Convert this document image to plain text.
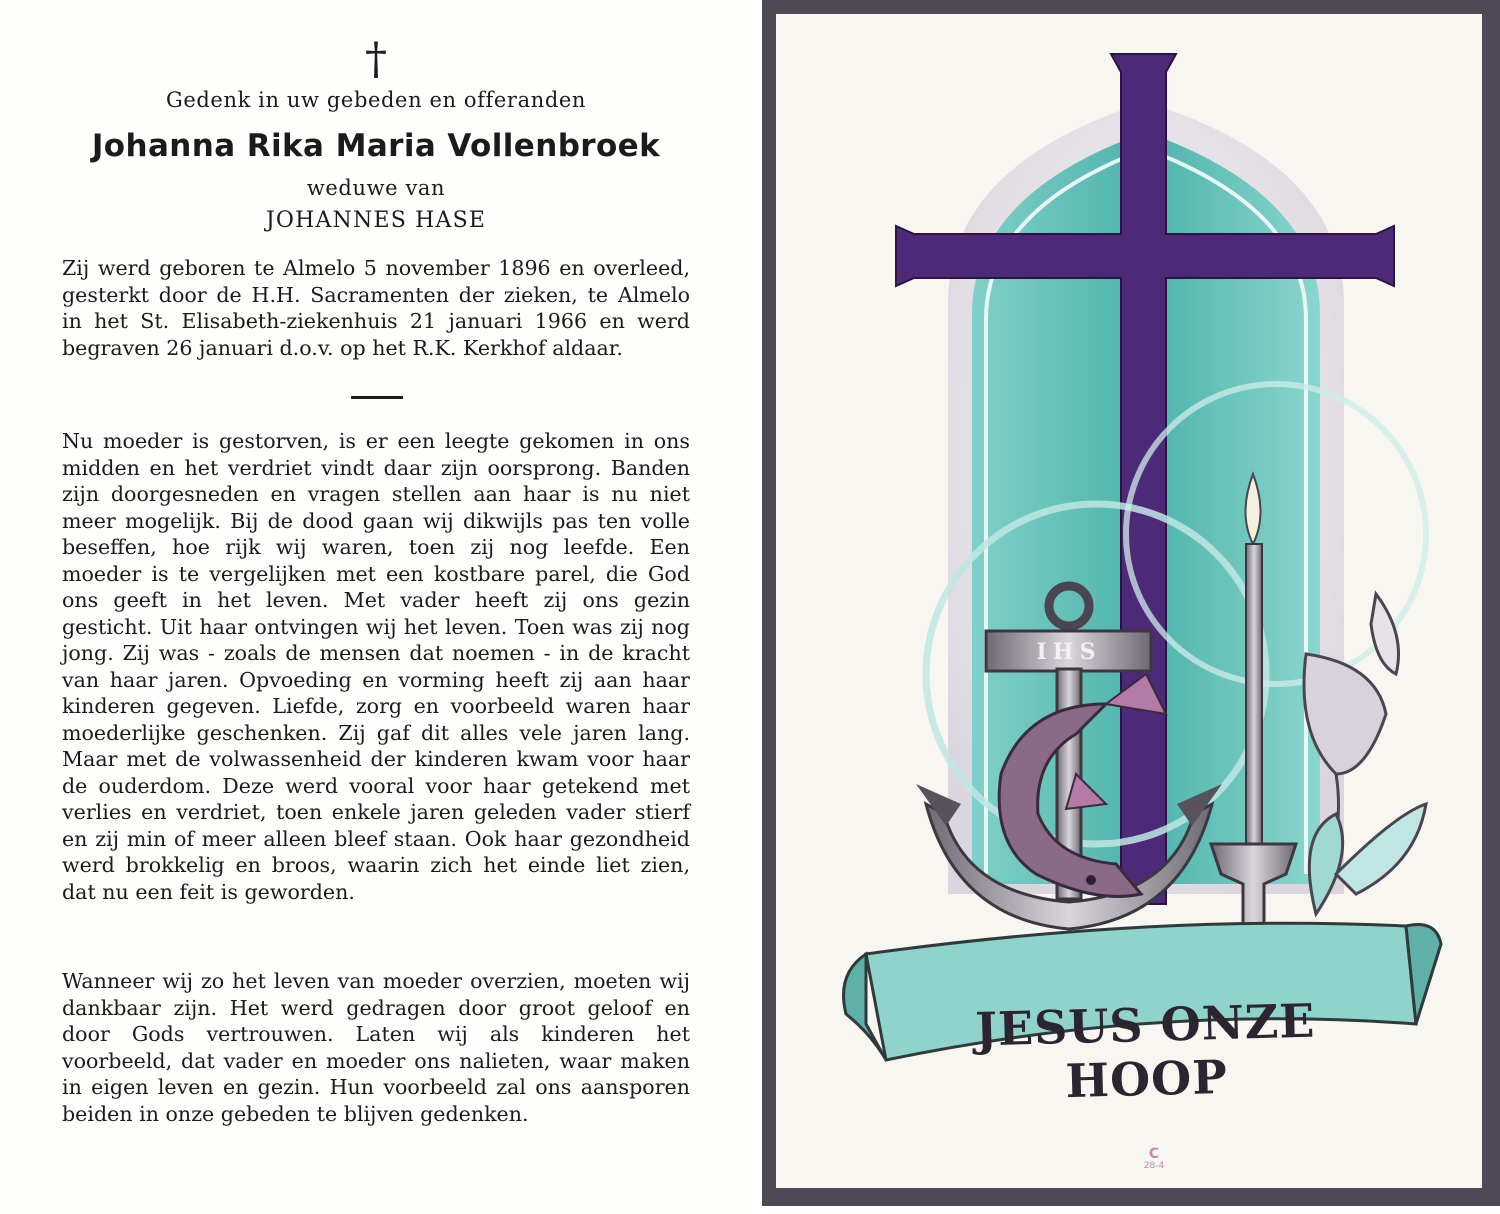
†
Gedenk in uw gebeden en offeranden
Johanna Rika Maria Vollenbroek
weduwe van
JOHANNES HASE

Zij werd geboren te Almelo 5 november 1896 en overleed, gesterkt door de H.H. Sacramenten der zieken, te Almelo in het St. Elisabeth-ziekenhuis 21 januari 1966 en werd begraven 26 januari d.o.v. op het R.K. Kerkhof aldaar.

Nu moeder is gestorven, is er een leegte gekomen in ons midden en het verdriet vindt daar zijn oorsprong. Banden zijn doorgesneden en vragen stellen aan haar is nu niet meer mogelijk. Bij de dood gaan wij dikwijls pas ten volle beseffen, hoe rijk wij waren, toen zij nog leefde. Een moeder is te vergelijken met een kostbare parel, die God ons geeft in het leven. Met vader heeft zij ons gezin gesticht. Uit haar ontvingen wij het leven. Toen was zij nog jong. Zij was - zoals de mensen dat noemen - in de kracht van haar jaren. Opvoeding en vorming heeft zij aan haar kinderen gegeven. Liefde, zorg en voorbeeld waren haar moederlijke geschenken. Zij gaf dit alles vele jaren lang. Maar met de volwassenheid der kinderen kwam voor haar de ouderdom. Deze werd vooral voor haar getekend met verlies en verdriet, toen enkele jaren geleden vader stierf en zij min of meer alleen bleef staan. Ook haar gezondheid werd brokkelig en broos, waarin zich het einde liet zien, dat nu een feit is geworden.

Wanneer wij zo het leven van moeder overzien, moeten wij dankbaar zijn. Het werd gedragen door groot geloof en door Gods vertrouwen. Laten wij als kinderen het voorbeeld, dat vader en moeder ons nalieten, waar maken in eigen leven en gezin. Hun voorbeeld zal ons aansporen beiden in onze gebeden te blijven gedenken.

IHS
JESUS ONZE HOOP
C
28-4
